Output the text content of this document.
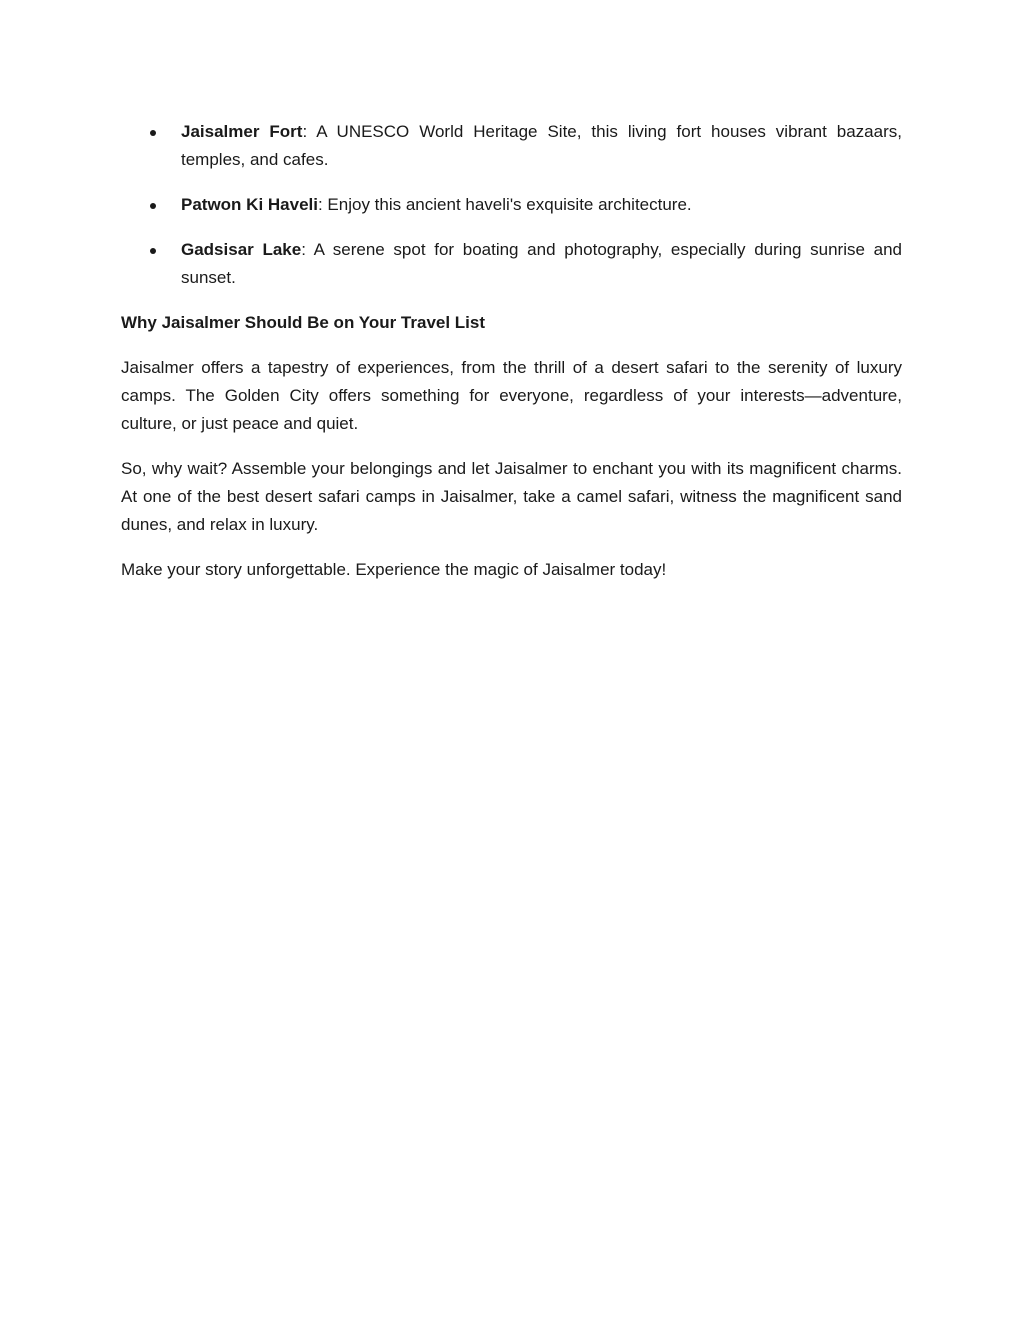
Jaisalmer Fort: A UNESCO World Heritage Site, this living fort houses vibrant bazaars, temples, and cafes.
Patwon Ki Haveli: Enjoy this ancient haveli's exquisite architecture.
Gadsisar Lake: A serene spot for boating and photography, especially during sunrise and sunset.
Why Jaisalmer Should Be on Your Travel List

Jaisalmer offers a tapestry of experiences, from the thrill of a desert safari to the serenity of luxury camps. The Golden City offers something for everyone, regardless of your interests—adventure, culture, or just peace and quiet.

So, why wait? Assemble your belongings and let Jaisalmer to enchant you with its magnificent charms. At one of the best desert safari camps in Jaisalmer, take a camel safari, witness the magnificent sand dunes, and relax in luxury.

Make your story unforgettable. Experience the magic of Jaisalmer today!
